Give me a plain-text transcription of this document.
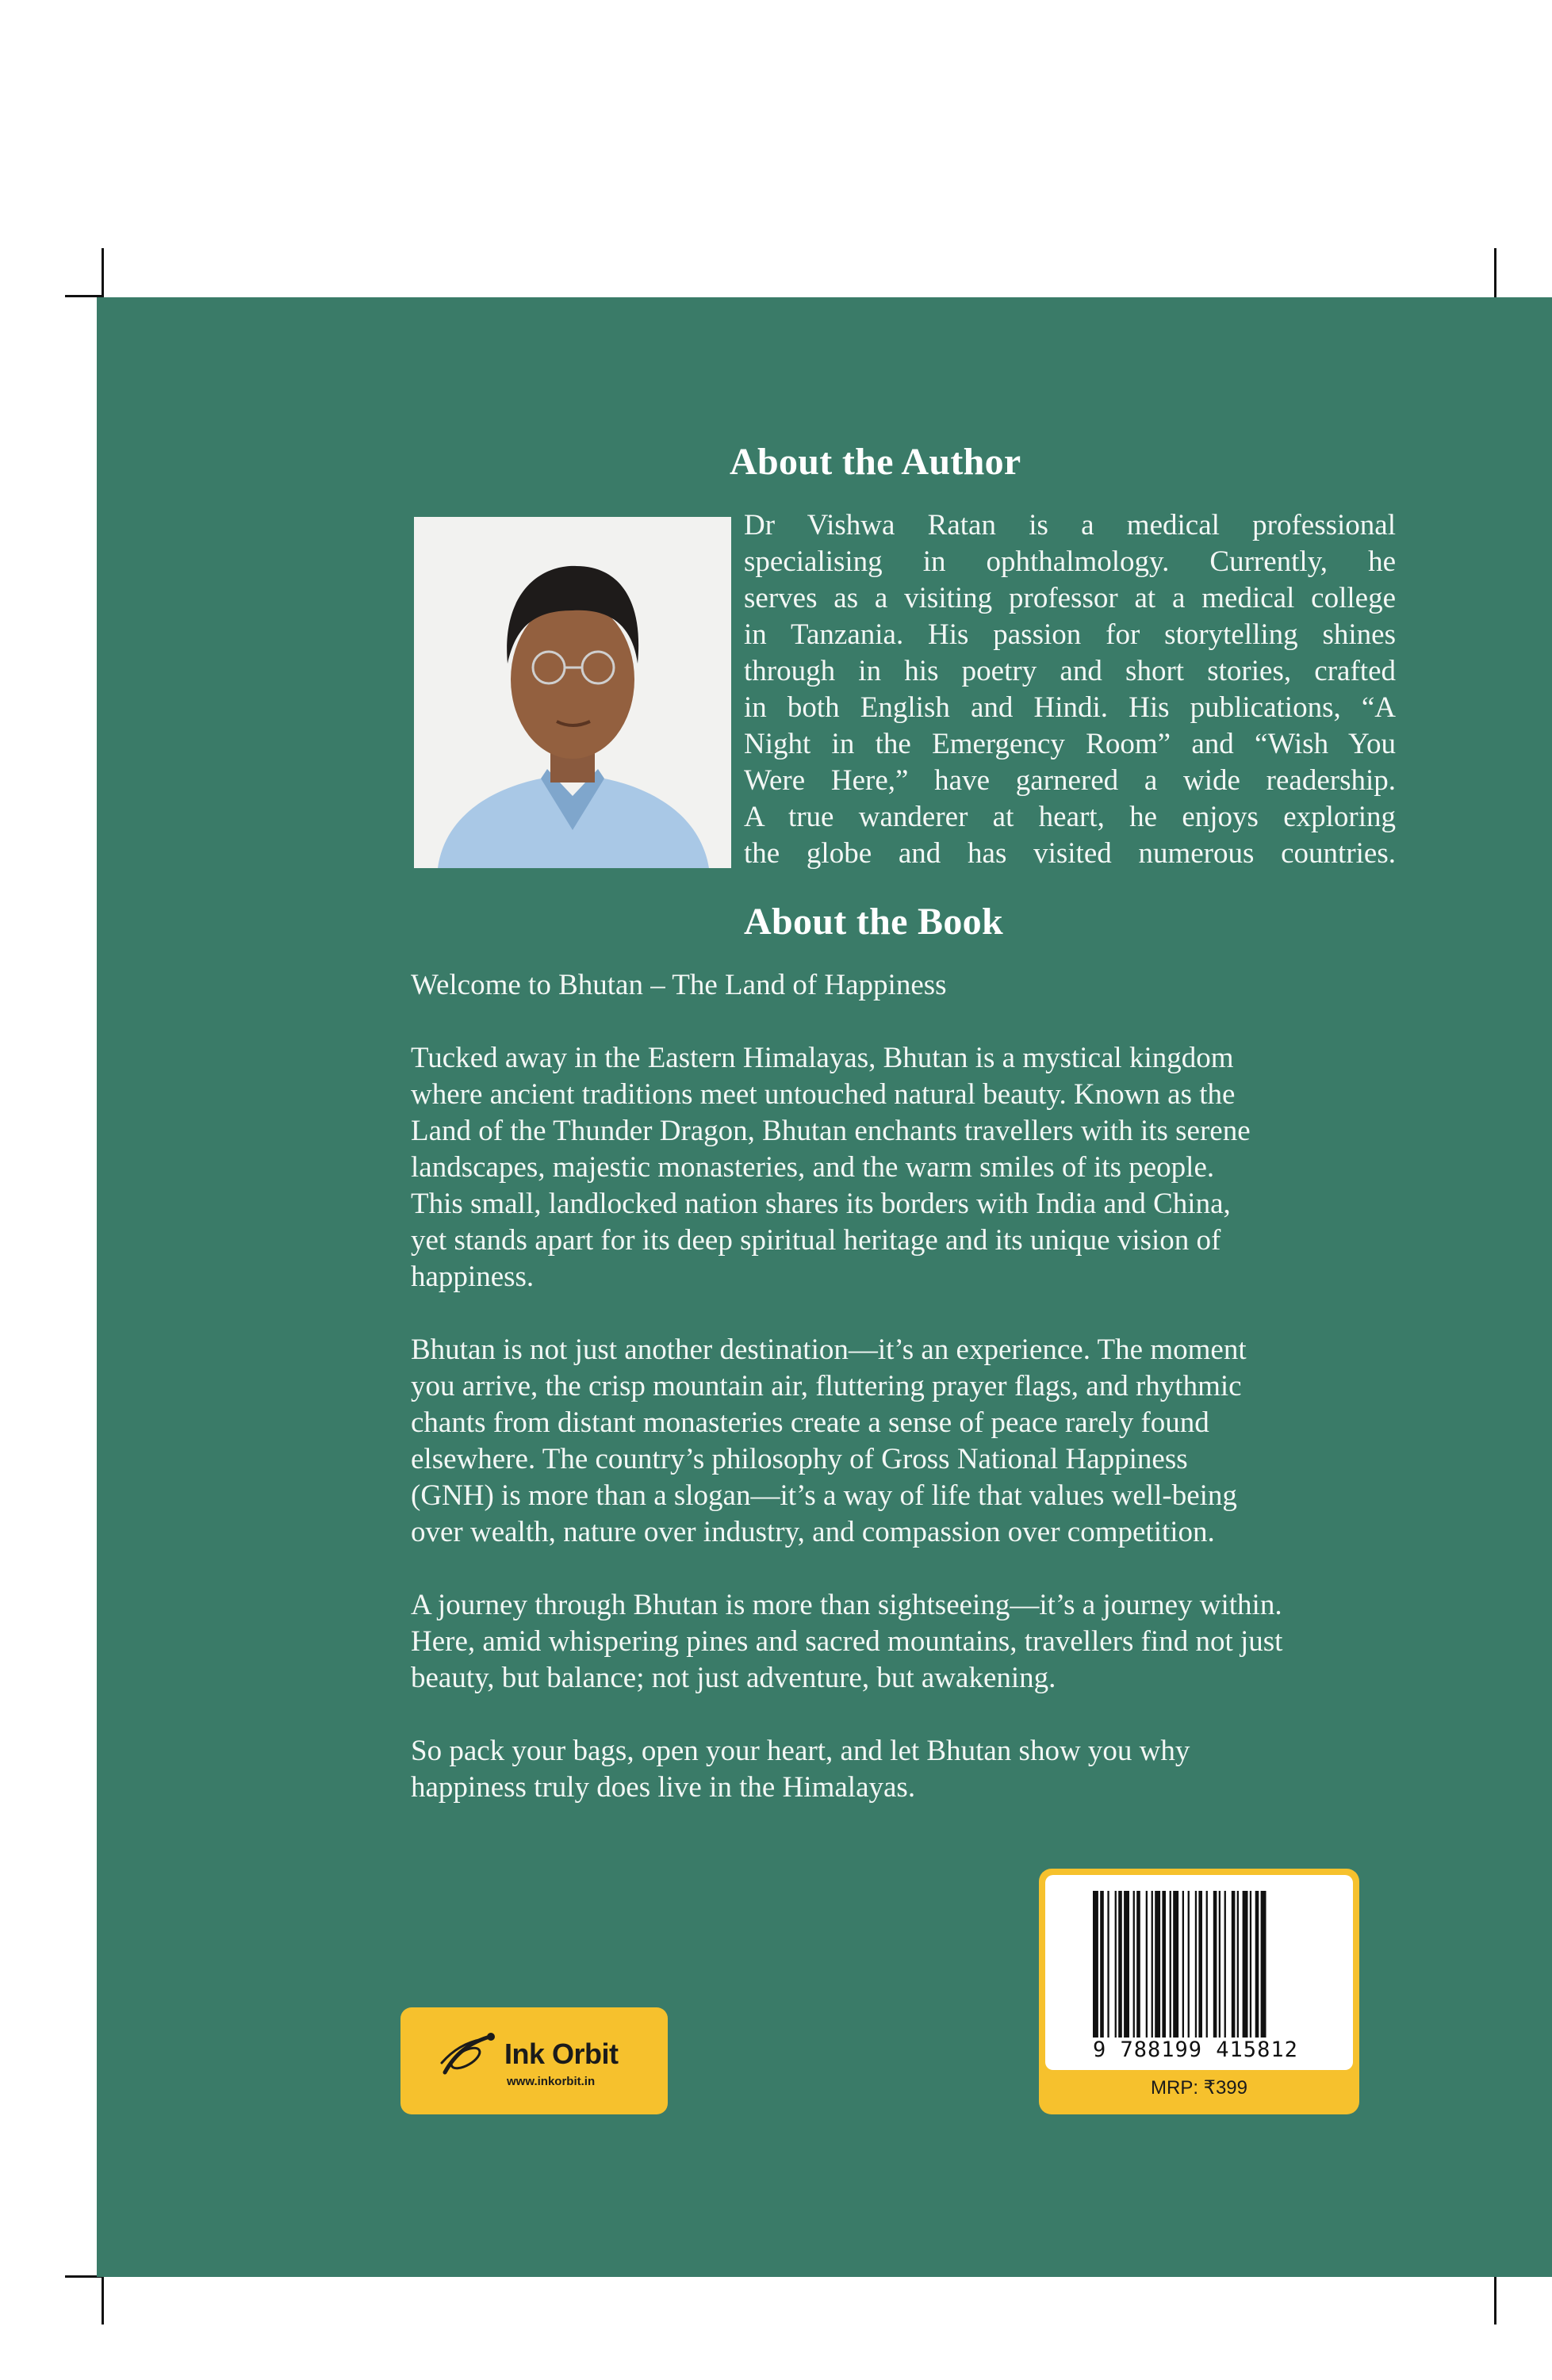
About the Author

Dr Vishwa Ratan is a medical professional
specialising in ophthalmology. Currently, he
serves as a visiting professor at a medical college
in Tanzania. His passion for storytelling shines
through in his poetry and short stories, crafted
in both English and Hindi. His publications, “A
Night in the Emergency Room” and “Wish You
Were Here,” have garnered a wide readership.
A true wanderer at heart, he enjoys exploring
the globe and has visited numerous countries.

About the Book

Welcome to Bhutan – The Land of Happiness

Tucked away in the Eastern Himalayas, Bhutan is a mystical kingdom
where ancient traditions meet untouched natural beauty. Known as the
Land of the Thunder Dragon, Bhutan enchants travellers with its serene
landscapes, majestic monasteries, and the warm smiles of its people.
This small, landlocked nation shares its borders with India and China,
yet stands apart for its deep spiritual heritage and its unique vision of
happiness.

Bhutan is not just another destination—it’s an experience. The moment
you arrive, the crisp mountain air, fluttering prayer flags, and rhythmic
chants from distant monasteries create a sense of peace rarely found
elsewhere. The country’s philosophy of Gross National Happiness
(GNH) is more than a slogan—it’s a way of life that values well-being
over wealth, nature over industry, and compassion over competition.

A journey through Bhutan is more than sightseeing—it’s a journey within.
Here, amid whispering pines and sacred mountains, travellers find not just
beauty, but balance; not just adventure, but awakening.

So pack your bags, open your heart, and let Bhutan show you why
happiness truly does live in the Himalayas.

Ink Orbit
www.inkorbit.in
9 788199 415812
MRP: ₹399
